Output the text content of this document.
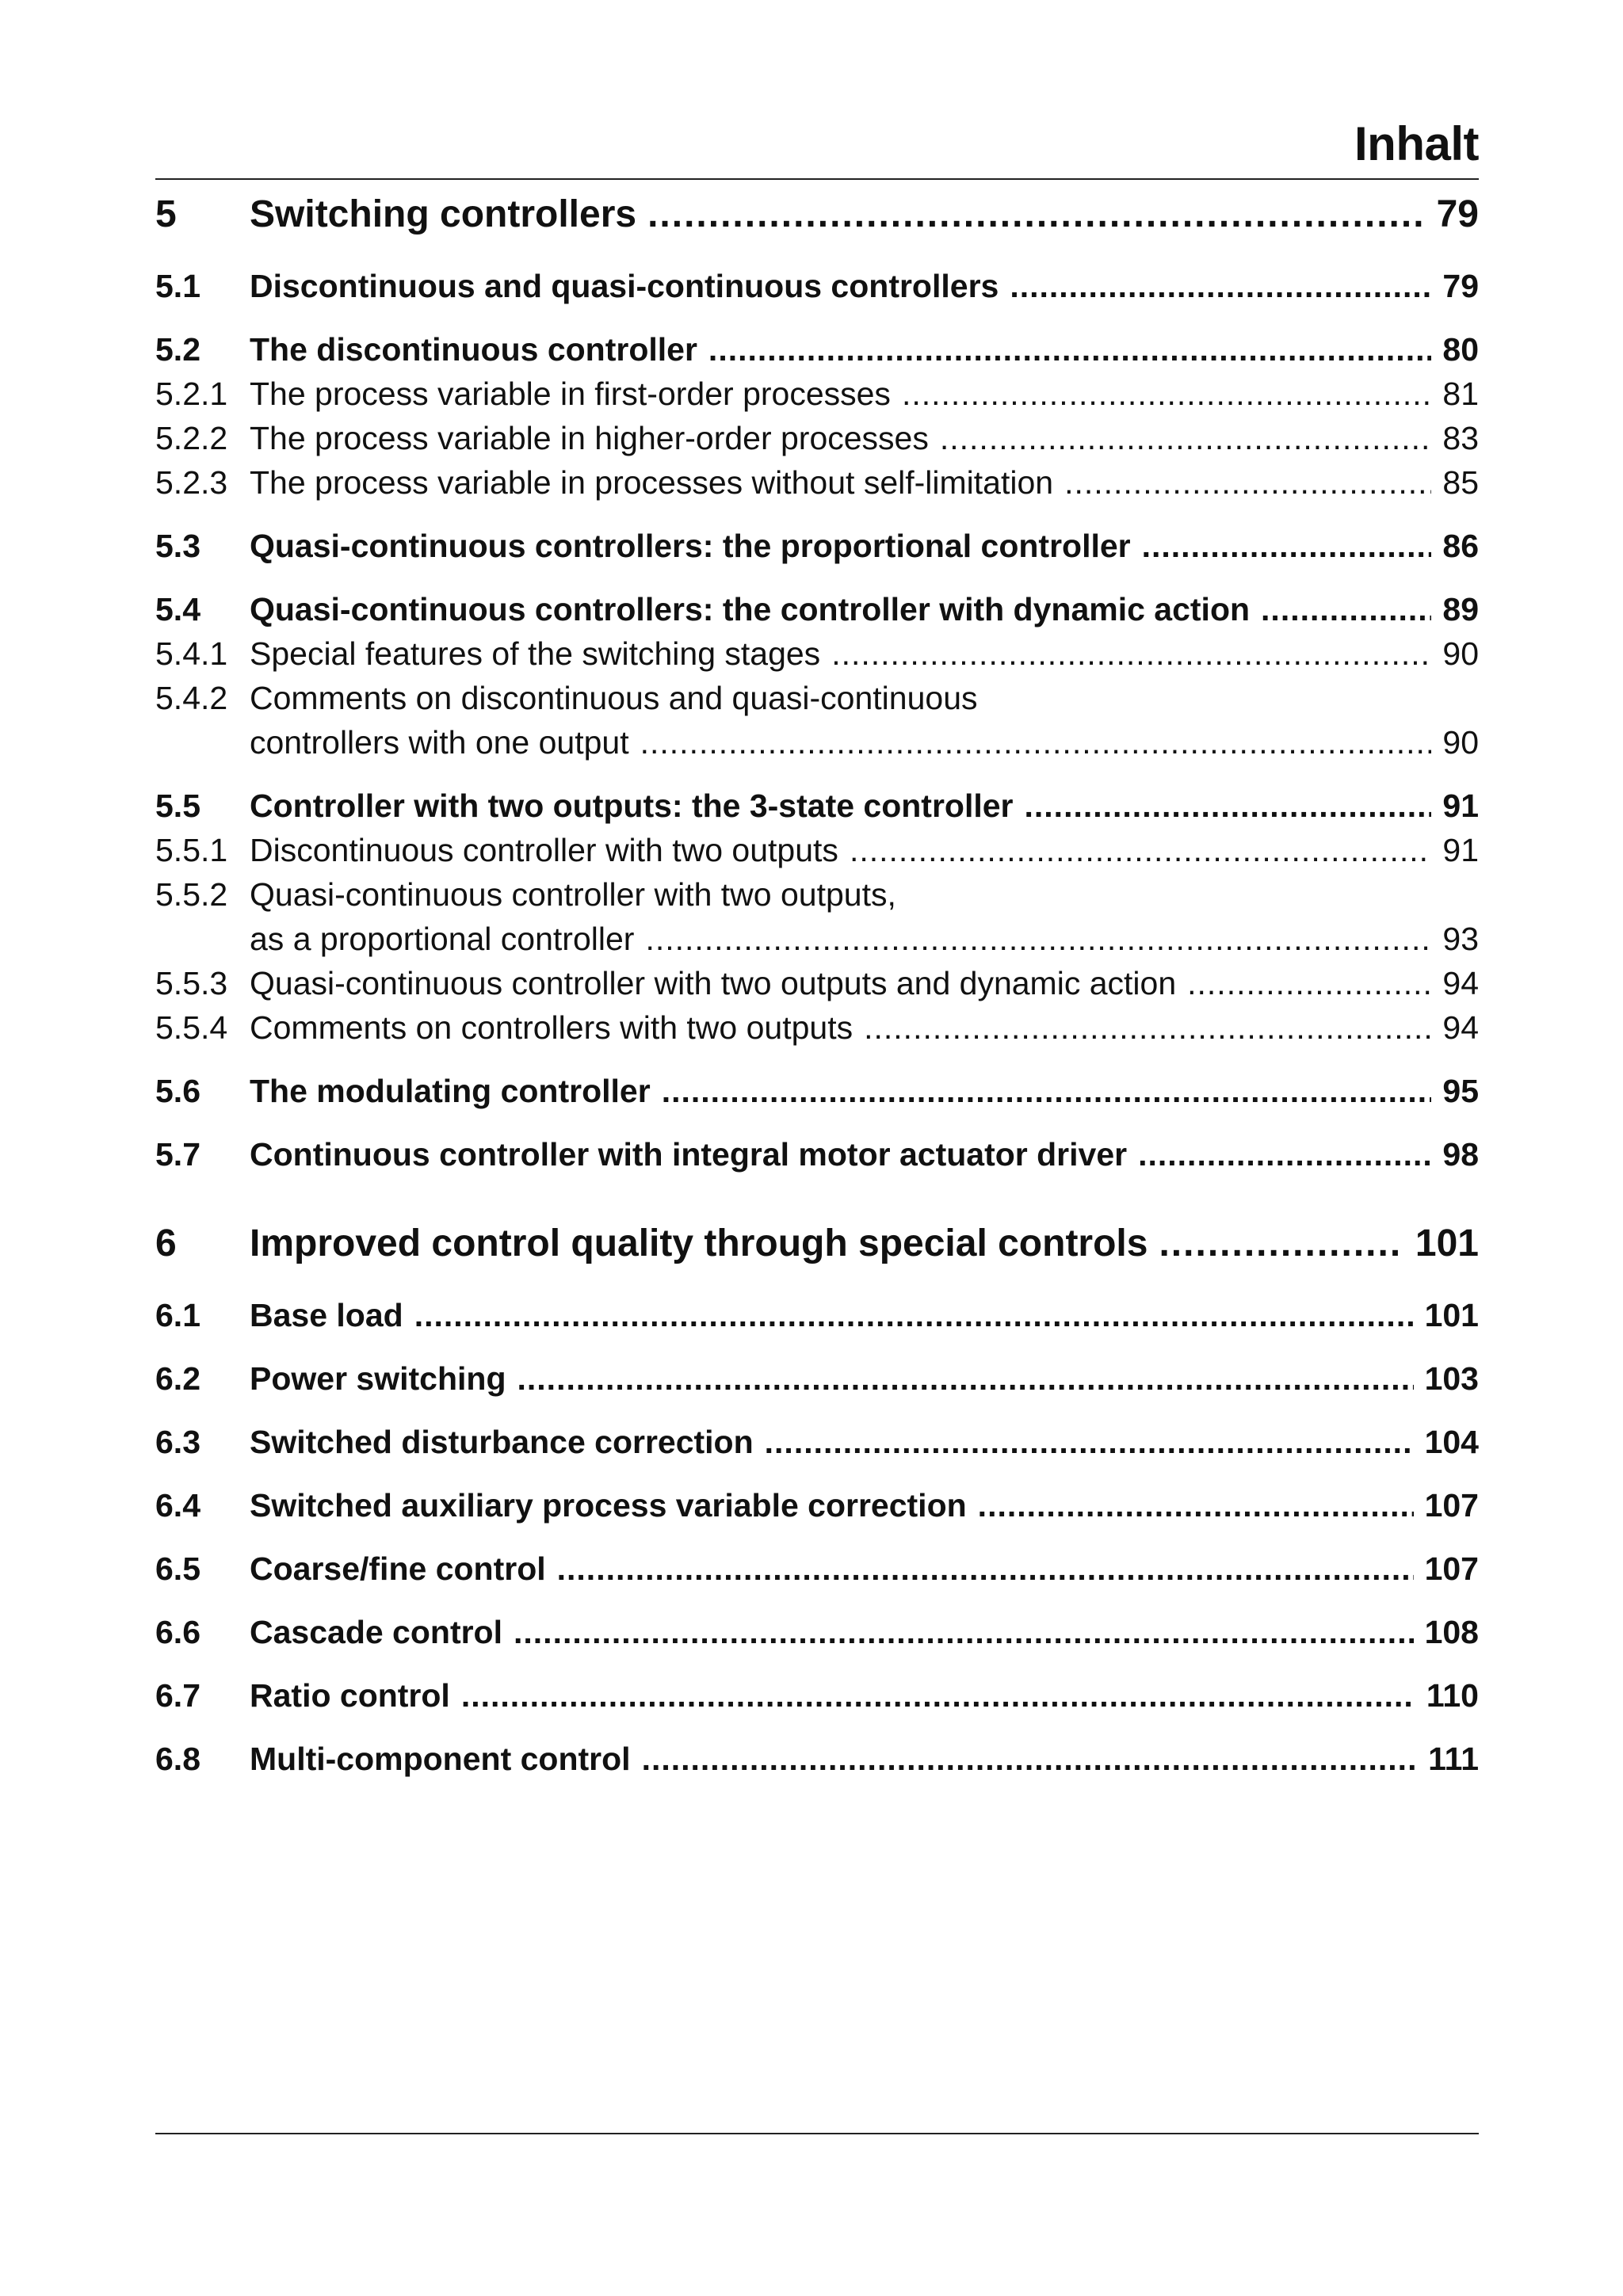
Inhalt
5 Switching controllers .....	79
5.1 Discontinuous and quasi-continuous controllers .....	79
5.2 The discontinuous controller .....	80
5.2.1 The process variable in first-order processes .....	81
5.2.2 The process variable in higher-order processes .....	83
5.2.3 The process variable in processes without self-limitation .....	85
5.3 Quasi-continuous controllers: the proportional controller .....	86
5.4 Quasi-continuous controllers: the controller with dynamic action .....	89
5.4.1 Special features of the switching stages .....	90
5.4.2 Comments on discontinuous and quasi-continuous
controllers with one output .....	90
5.5 Controller with two outputs: the 3-state controller .....	91
5.5.1 Discontinuous controller with two outputs .....	91
5.5.2 Quasi-continuous controller with two outputs,
as a proportional controller .....	93
5.5.3 Quasi-continuous controller with two outputs and dynamic action .....	94
5.5.4 Comments on controllers with two outputs .....	94
5.6 The modulating controller .....	95
5.7 Continuous controller with integral motor actuator driver .....	98
6 Improved control quality through special controls .....	101
6.1 Base load .....	101
6.2 Power switching .....	103
6.3 Switched disturbance correction .....	104
6.4 Switched auxiliary process variable correction .....	107
6.5 Coarse/fine control .....	107
6.6 Cascade control .....	108
6.7 Ratio control .....	110
6.8 Multi-component control .....	111
